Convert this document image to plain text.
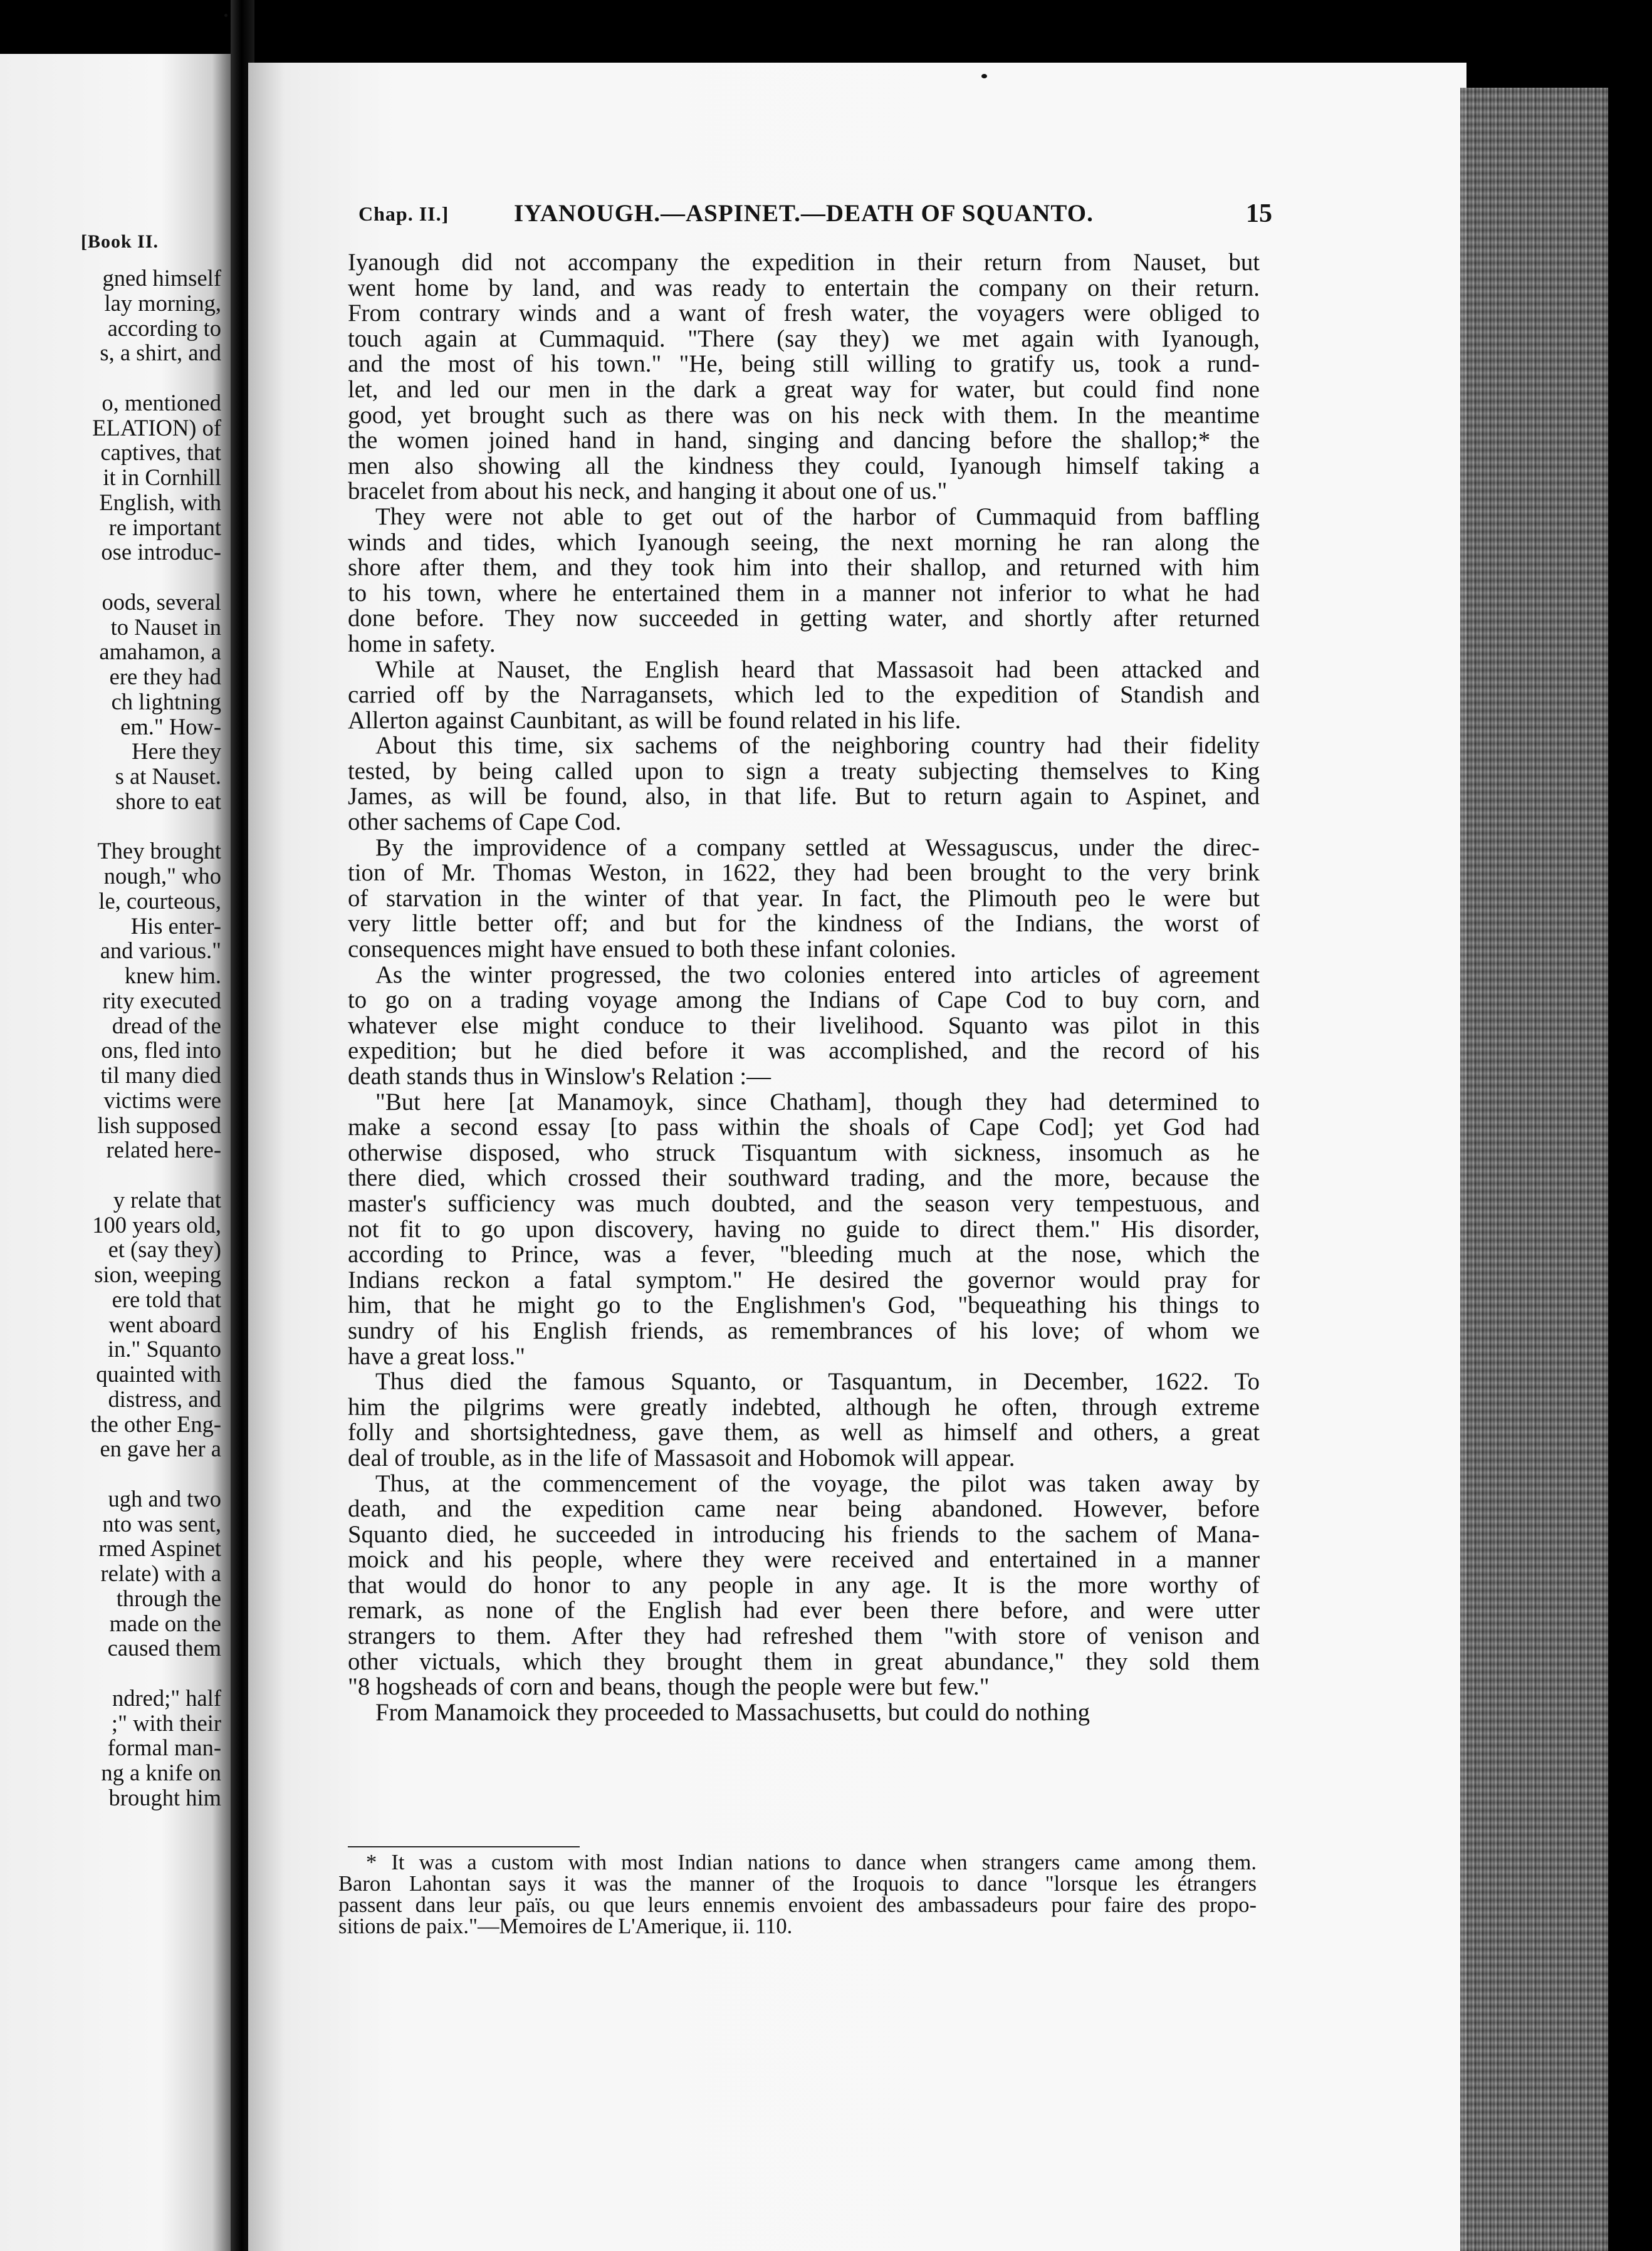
[Book II.
gned himself
lay morning,
according to
s, a shirt, and

o, mentioned
ELATION) of
captives, that
it in Cornhill
English, with
re important
ose introduc-

oods, several
to Nauset in
amahamon, a
ere they had
ch lightning
em." How-
Here they
s at Nauset.
shore to eat

They brought
nough," who
le, courteous,
His enter-
and various."
knew him.
rity executed
dread of the
ons, fled into
til many died
victims were
lish supposed
related here-

y relate that
100 years old,
et (say they)
sion, weeping
ere told that
went aboard
in." Squanto
quainted with
distress, and
the other Eng-
en gave her a

ugh and two
nto was sent,
rmed Aspinet
relate) with a
through the
made on the
caused them

ndred;" half
;" with their
formal man-
ng a knife on
brought him
Chap. II.]	IYANOUGH.—ASPINET.—DEATH OF SQUANTO.	15
Iyanough did not accompany the expedition in their return from Nauset, but
went home by land, and was ready to entertain the company on their return.
From contrary winds and a want of fresh water, the voyagers were obliged to
touch again at Cummaquid. "There (say they) we met again with Iyanough,
and the most of his town." "He, being still willing to gratify us, took a rund-
let, and led our men in the dark a great way for water, but could find none
good, yet brought such as there was on his neck with them. In the meantime
the women joined hand in hand, singing and dancing before the shallop;* the
men also showing all the kindness they could, Iyanough himself taking a
bracelet from about his neck, and hanging it about one of us."
They were not able to get out of the harbor of Cummaquid from baffling
winds and tides, which Iyanough seeing, the next morning he ran along the
shore after them, and they took him into their shallop, and returned with him
to his town, where he entertained them in a manner not inferior to what he had
done before. They now succeeded in getting water, and shortly after returned
home in safety.
While at Nauset, the English heard that Massasoit had been attacked and
carried off by the Narragansets, which led to the expedition of Standish and
Allerton against Caunbitant, as will be found related in his life.
About this time, six sachems of the neighboring country had their fidelity
tested, by being called upon to sign a treaty subjecting themselves to King
James, as will be found, also, in that life. But to return again to Aspinet, and
other sachems of Cape Cod.
By the improvidence of a company settled at Wessaguscus, under the direc-
tion of Mr. Thomas Weston, in 1622, they had been brought to the very brink
of starvation in the winter of that year. In fact, the Plimouth peo le were but
very little better off; and but for the kindness of the Indians, the worst of
consequences might have ensued to both these infant colonies.
As the winter progressed, the two colonies entered into articles of agreement
to go on a trading voyage among the Indians of Cape Cod to buy corn, and
whatever else might conduce to their livelihood. Squanto was pilot in this
expedition; but he died before it was accomplished, and the record of his
death stands thus in Winslow's Relation :—
"But here [at Manamoyk, since Chatham], though they had determined to
make a second essay [to pass within the shoals of Cape Cod]; yet God had
otherwise disposed, who struck Tisquantum with sickness, insomuch as he
there died, which crossed their southward trading, and the more, because the
master's sufficiency was much doubted, and the season very tempestuous, and
not fit to go upon discovery, having no guide to direct them." His disorder,
according to Prince, was a fever, "bleeding much at the nose, which the
Indians reckon a fatal symptom." He desired the governor would pray for
him, that he might go to the Englishmen's God, "bequeathing his things to
sundry of his English friends, as remembrances of his love; of whom we
have a great loss."
Thus died the famous Squanto, or Tasquantum, in December, 1622. To
him the pilgrims were greatly indebted, although he often, through extreme
folly and shortsightedness, gave them, as well as himself and others, a great
deal of trouble, as in the life of Massasoit and Hobomok will appear.
Thus, at the commencement of the voyage, the pilot was taken away by
death, and the expedition came near being abandoned. However, before
Squanto died, he succeeded in introducing his friends to the sachem of Mana-
moick and his people, where they were received and entertained in a manner
that would do honor to any people in any age. It is the more worthy of
remark, as none of the English had ever been there before, and were utter
strangers to them. After they had refreshed them "with store of venison and
other victuals, which they brought them in great abundance," they sold them
"8 hogsheads of corn and beans, though the people were but few."
From Manamoick they proceeded to Massachusetts, but could do nothing
* It was a custom with most Indian nations to dance when strangers came among them.
Baron Lahontan says it was the manner of the Iroquois to dance "lorsque les étrangers
passent dans leur païs, ou que leurs ennemis envoient des ambassadeurs pour faire des propo-
sitions de paix."—Memoires de L'Amerique, ii. 110.
